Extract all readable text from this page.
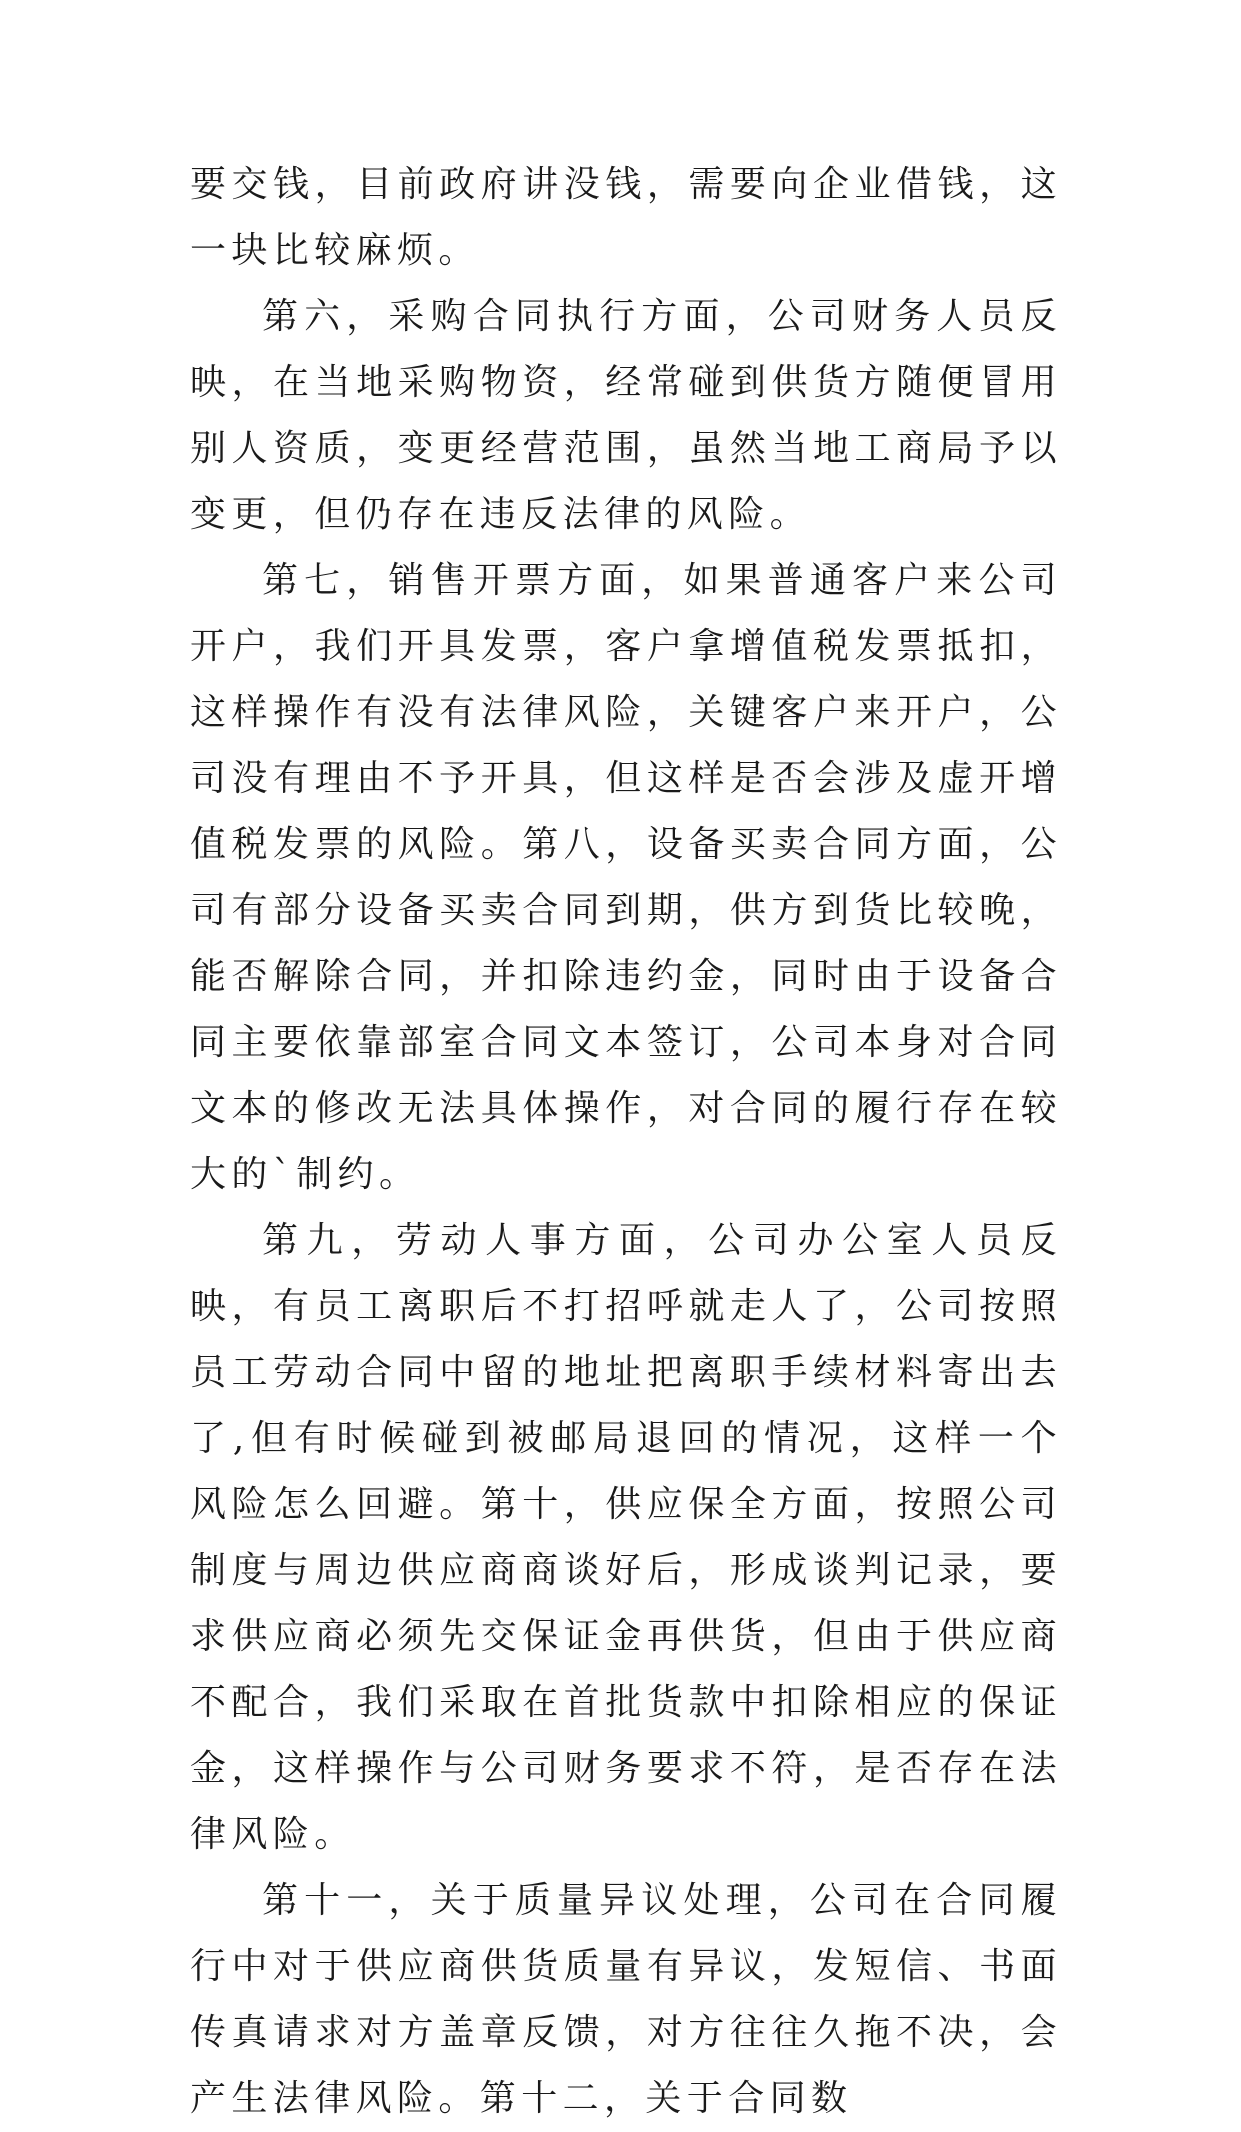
要交钱，目前政府讲没钱，需要向企业借钱，这一块比较麻烦。

第六，采购合同执行方面，公司财务人员反映，在当地采购物资，经常碰到供货方随便冒用别人资质，变更经营范围，虽然当地工商局予以变更，但仍存在违反法律的风险。

第七，销售开票方面，如果普通客户来公司开户，我们开具发票，客户拿增值税发票抵扣，这样操作有没有法律风险，关键客户来开户，公司没有理由不予开具，但这样是否会涉及虚开增值税发票的风险。第八，设备买卖合同方面，公司有部分设备买卖合同到期，供方到货比较晚，能否解除合同，并扣除违约金，同时由于设备合同主要依靠部室合同文本签订，公司本身对合同文本的修改无法具体操作，对合同的履行存在较大的`制约。

第九，劳动人事方面，公司办公室人员反映，有员工离职后不打招呼就走人了，公司按照员工劳动合同中留的地址把离职手续材料寄出去了,但有时候碰到被邮局退回的情况，这样一个风险怎么回避。第十，供应保全方面，按照公司制度与周边供应商商谈好后，形成谈判记录，要求供应商必须先交保证金再供货，但由于供应商不配合，我们采取在首批货款中扣除相应的保证金，这样操作与公司财务要求不符，是否存在法律风险。

第十一，关于质量异议处理，公司在合同履行中对于供应商供货质量有异议，发短信、书面传真请求对方盖章反馈，对方往往久拖不决，会产生法律风险。第十二，关于合同数
